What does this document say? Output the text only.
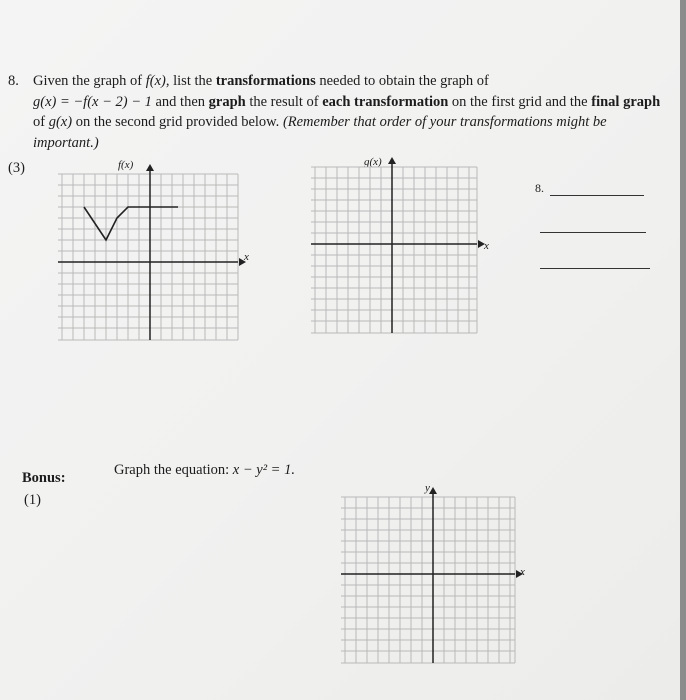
8. Given the graph of f(x), list the transformations needed to obtain the graph of
g(x) = −f(x − 2) − 1 and then graph the result of each transformation on the first grid and the final graph
of g(x) on the second grid provided below. (Remember that order of your transformations might be
important.)
(3)	f(x)
x
g(x)
x
8.
Bonus:
(1)
Graph the equation: x − y² = 1.
y
x
